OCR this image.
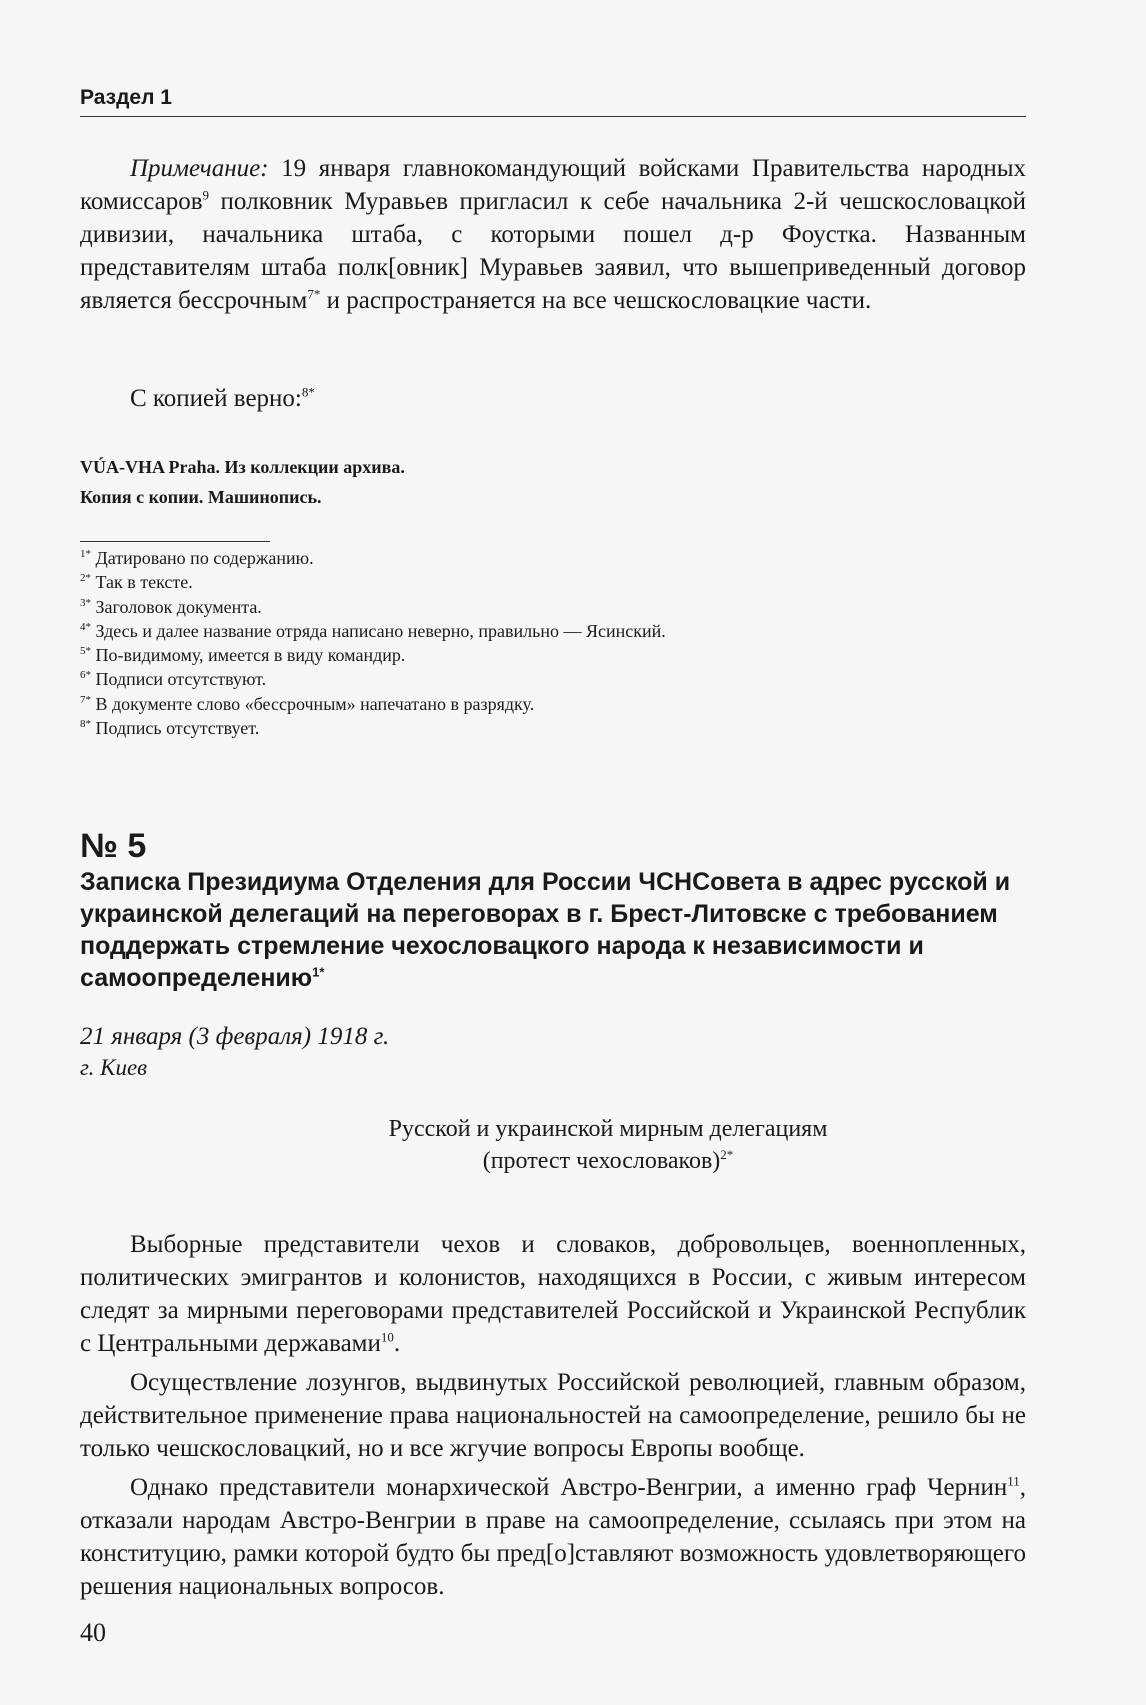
Раздел 1

Примечание: 19 января главнокомандующий войсками Правительства народных комиссаров$^9$ полковник Муравьев пригласил к себе начальника 2-й чешскословацкой дивизии, начальника штаба, с которыми пошел д-р Фоустка. Названным представителям штаба полк[овник] Муравьев заявил, что вышеприведенный договор является бессрочным$^{7*}$ и распространяется на все чешскословацкие части.

С копией верно:$^{8*}$

VÚA-VHA Praha. Из коллекции архива.

Копия с копии. Машинопись.

$^{1*}$ Датировано по содержанию.

$^{2*}$ Так в тексте.

$^{3*}$ Заголовок документа.

$^{4*}$ Здесь и далее название отряда написано неверно, правильно — Ясинский.

$^{5*}$ По-видимому, имеется в виду командир.

$^{6*}$ Подписи отсутствуют.

$^{7*}$ В документе слово «бессрочным» напечатано в разрядку.

$^{8*}$ Подпись отсутствует.

№ 5
Записка Президиума Отделения для России ЧСНСовета в адрес русской и украинской делегаций на переговорах в г. Брест-Литовске с требованием поддержать стремление чехословацкого народа к независимости и самоопределению$^{1*}$

21 января (3 февраля) 1918 г.

г. Киев

Русской и украинской мирным делегациям

(протест чехословаков)$^{2*}$

Выборные представители чехов и словаков, добровольцев, военнопленных, политических эмигрантов и колонистов, находящихся в России, с живым интересом следят за мирными переговорами представителей Российской и Украинской Республик с Центральными державами$^{10}$.

Осуществление лозунгов, выдвинутых Российской революцией, главным образом, действительное применение права национальностей на самоопределение, решило бы не только чешскословацкий, но и все жгучие вопросы Европы вообще.

Однако представители монархической Австро-Венгрии, а именно граф Чернин$^{11}$, отказали народам Австро-Венгрии в праве на самоопределение, ссылаясь при этом на конституцию, рамки которой будто бы пред[о]ставляют возможность удовлетворяющего решения национальных вопросов.

40
